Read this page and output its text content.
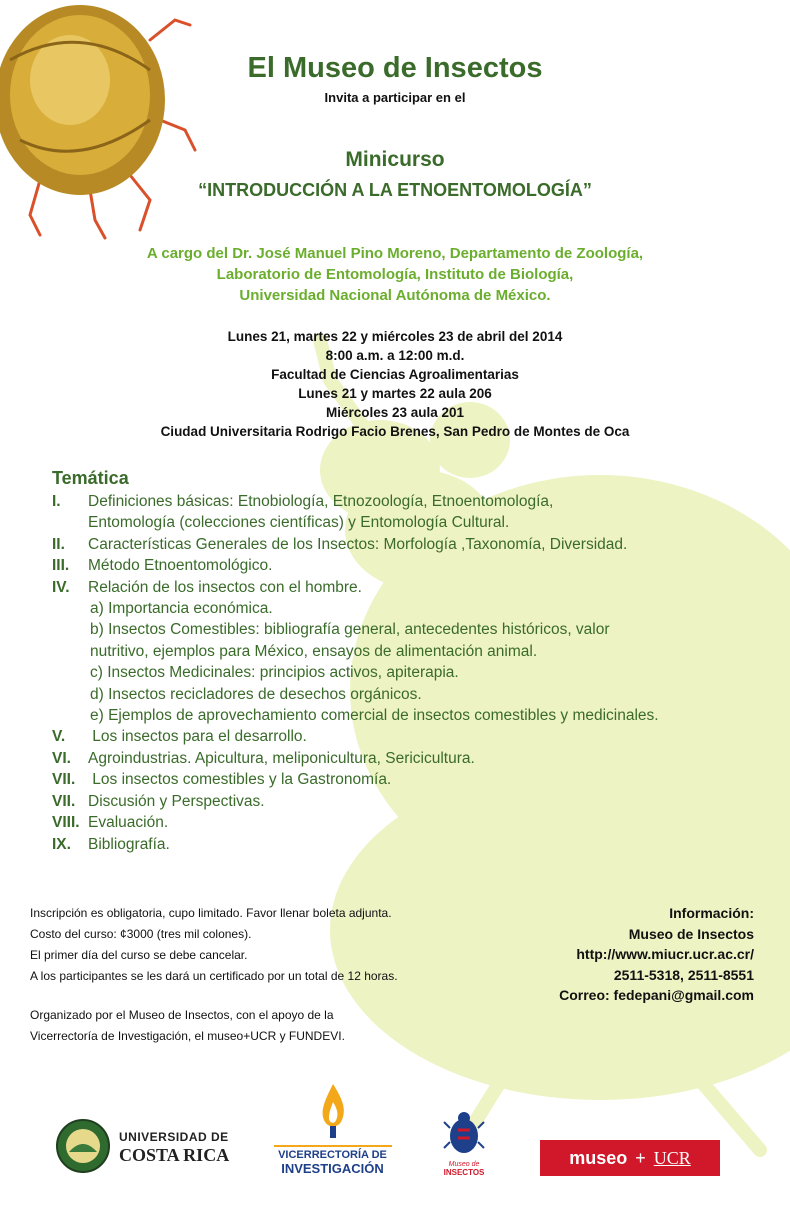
El Museo de Insectos
Invita a participar en el
Minicurso
“INTRODUCCIÓN A LA ETNOENTOMOLOGÍA”
A cargo del Dr. José Manuel Pino Moreno, Departamento de Zoología,
Laboratorio de Entomología, Instituto de Biología,
Universidad Nacional Autónoma de México.
Lunes 21, martes 22 y miércoles 23 de abril del 2014
8:00 a.m. a 12:00 m.d.
Facultad de Ciencias Agroalimentarias
Lunes 21 y martes 22 aula 206
Miércoles 23 aula 201
Ciudad Universitaria Rodrigo Facio Brenes, San Pedro de Montes de Oca
Temática
I.	Definiciones básicas: Etnobiología, Etnozoología, Etnoentomología,
Entomología (colecciones científicas) y Entomología Cultural.
II.	Características Generales de los Insectos: Morfología ,Taxonomía, Diversidad.
III.	Método Etnoentomológico.
IV.	Relación de los insectos con el hombre.
a) Importancia económica.
b) Insectos Comestibles: bibliografía general, antecedentes históricos, valor
nutritivo, ejemplos para México, ensayos de alimentación animal.
c) Insectos Medicinales: principios activos, apiterapia.
d) Insectos recicladores de desechos orgánicos.
e) Ejemplos de aprovechamiento comercial de insectos comestibles y medicinales.
V.	Los insectos para el desarrollo.
VI.	Agroindustrias. Apicultura, meliponicultura, Sericicultura.
VII. Los insectos comestibles y la Gastronomía.
VII. Discusión y Perspectivas.
VIII. Evaluación.
IX.	Bibliografía.
Inscripción es obligatoria, cupo limitado. Favor llenar boleta adjunta.
Costo del curso: ¢3000 (tres mil colones).
El primer día del curso se debe cancelar.
A los participantes se les dará un certificado por un total de 12 horas.
Organizado por el Museo de Insectos, con el apoyo de la
Vicerrectoría de Investigación, el museo+UCR y FUNDEVI.
Información:
Museo de Insectos
http://www.miucr.ucr.ac.cr/
2511-5318, 2511-8551
Correo: fedepani@gmail.com
UNIVERSIDAD DE
COSTA RICA	VICERRECTORÍA DE
INVESTIGACIÓN	Museo de
INSECTOS
museo + UCR
